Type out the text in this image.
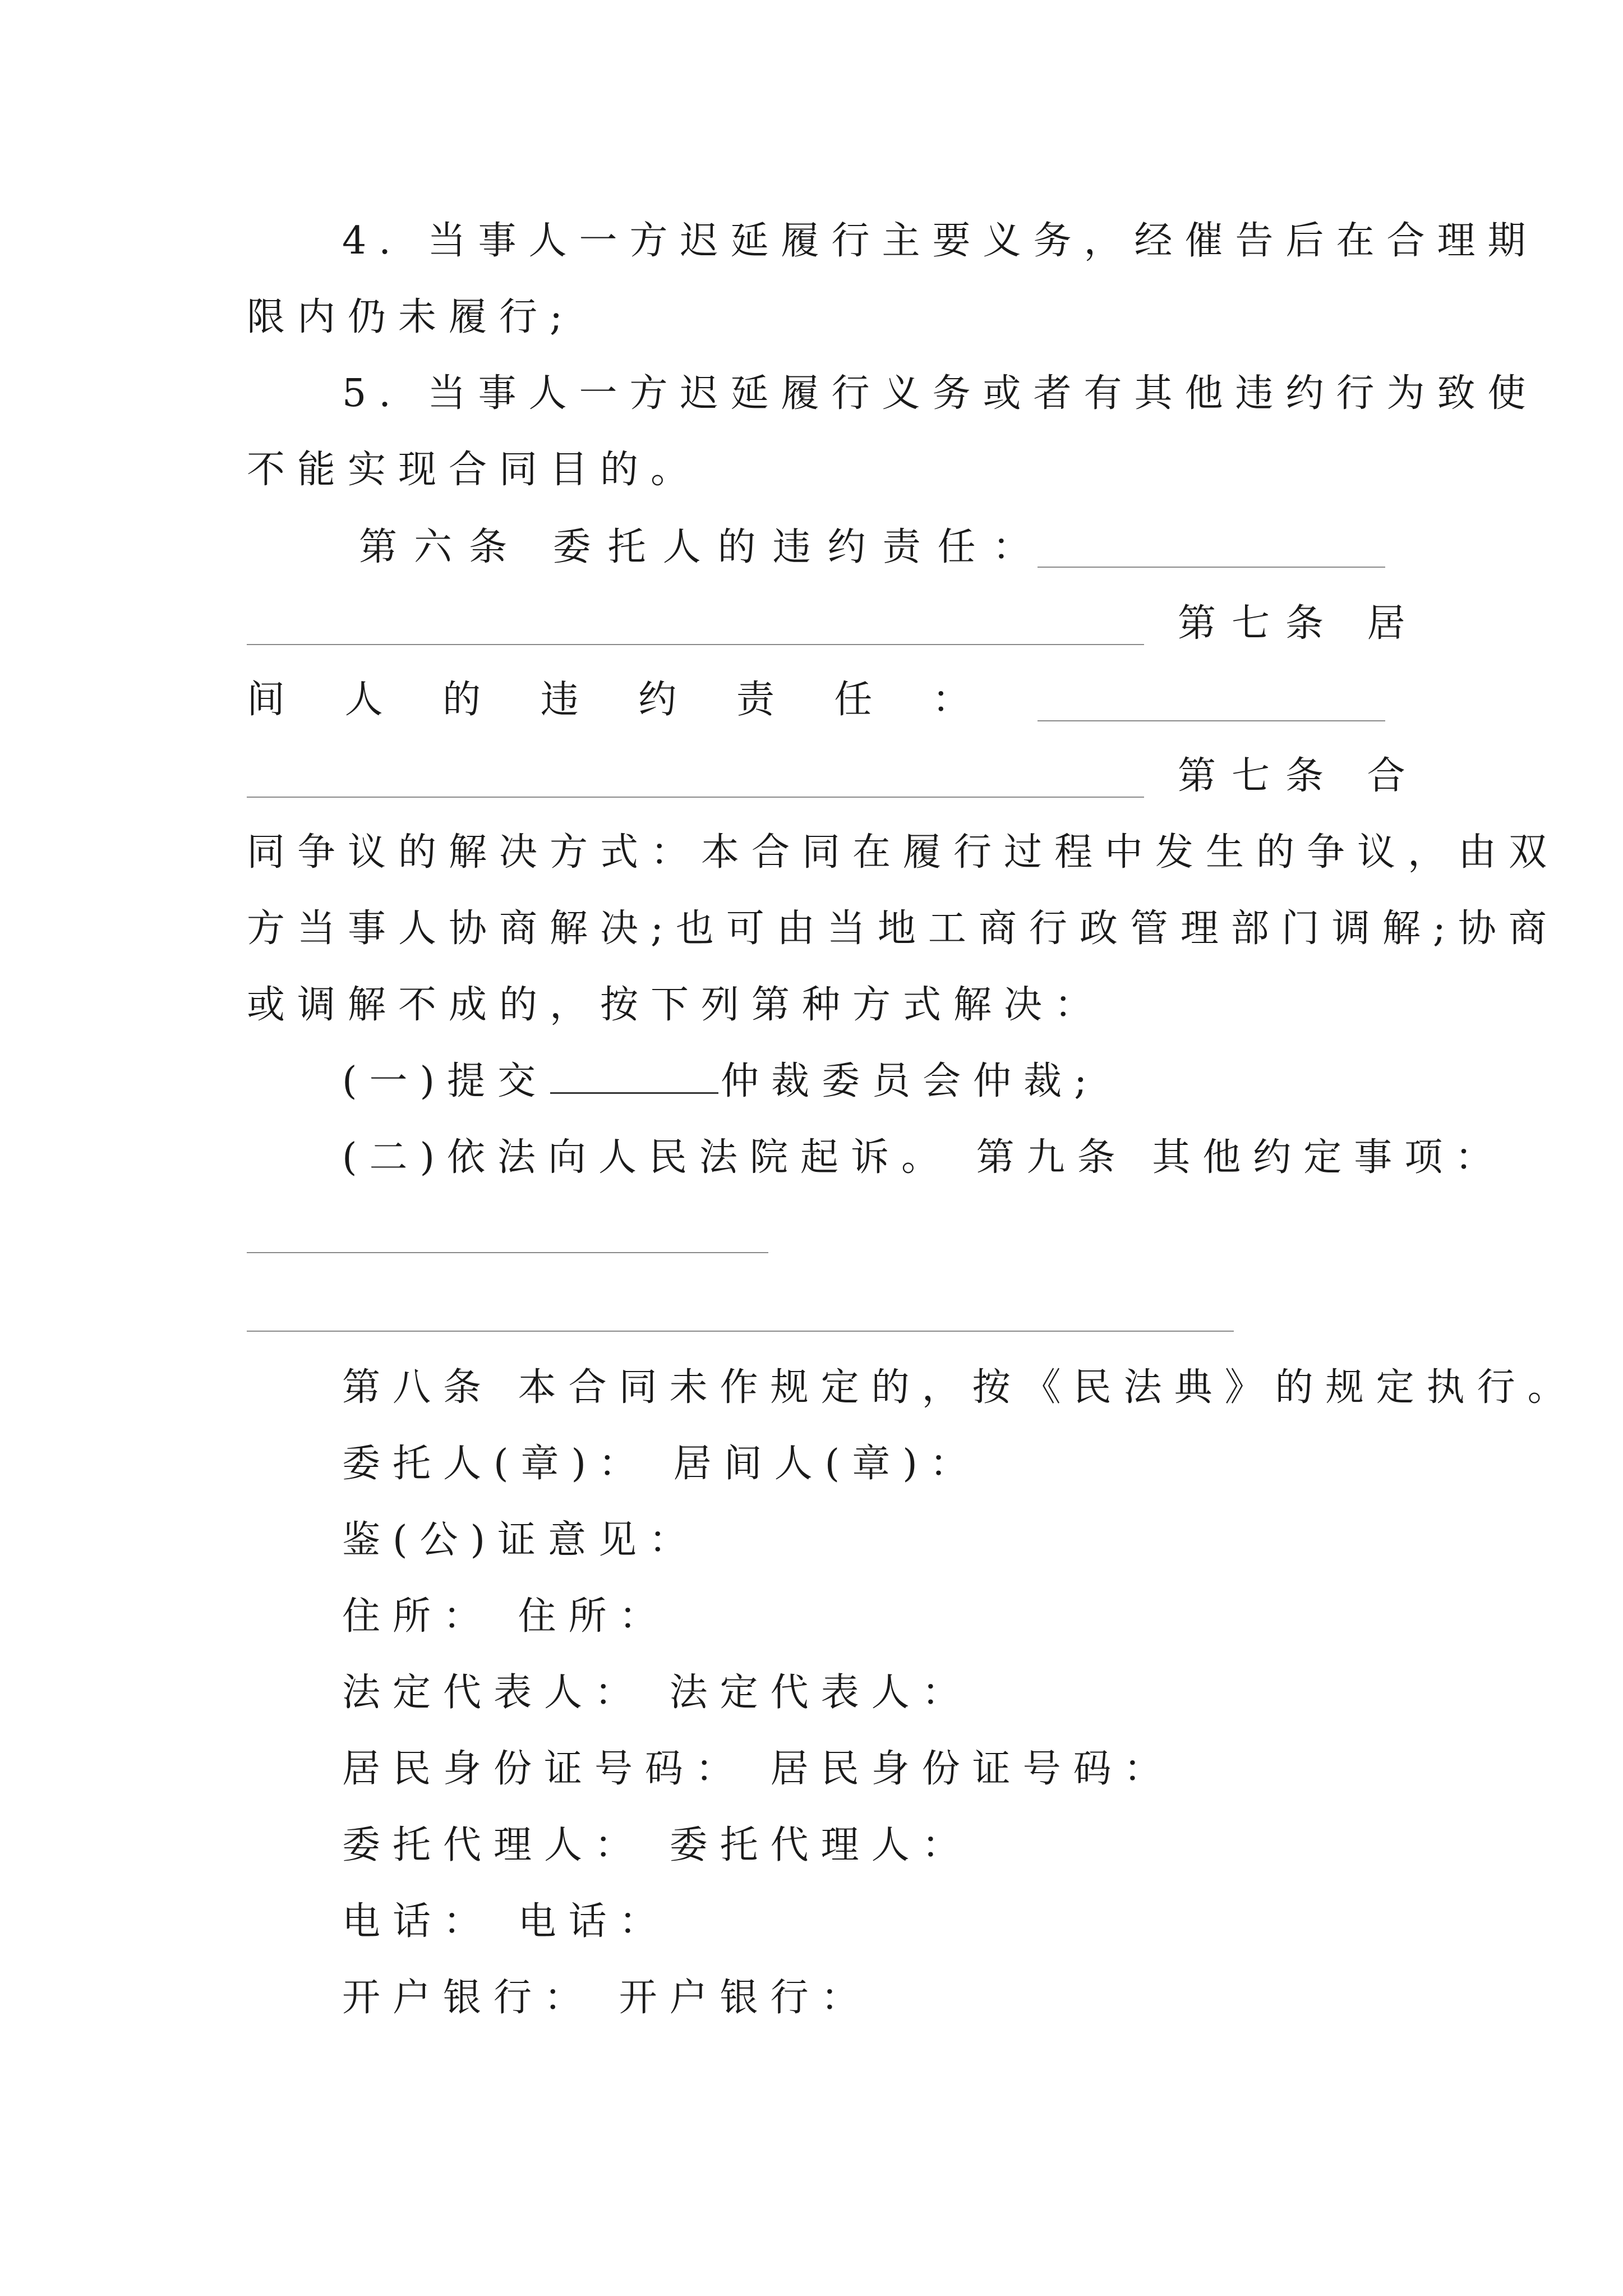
4. 当事人一方迟延履行主要义务，经催告后在合理期

限内仍未履行;

5. 当事人一方迟延履行义务或者有其他违约行为致使

不能实现合同目的。

第六条 委托人的违约责任：

第七条 居

间 人 的 违 约 责 任 ：

第七条 合

同争议的解决方式：本合同在履行过程中发生的争议，由双

方当事人协商解决;也可由当地工商行政管理部门调解;协商

或调解不成的，按下列第种方式解决：

(一)提交	仲裁委员会仲裁;

(二)依法向人民法院起诉。 第九条 其他约定事项：

第八条 本合同未作规定的，按《民法典》的规定执行。

委托人(章)： 居间人(章)：

鉴(公)证意见：

住所： 住所：

法定代表人： 法定代表人：

居民身份证号码： 居民身份证号码：

委托代理人： 委托代理人：

电话： 电话：

开户银行： 开户银行：
